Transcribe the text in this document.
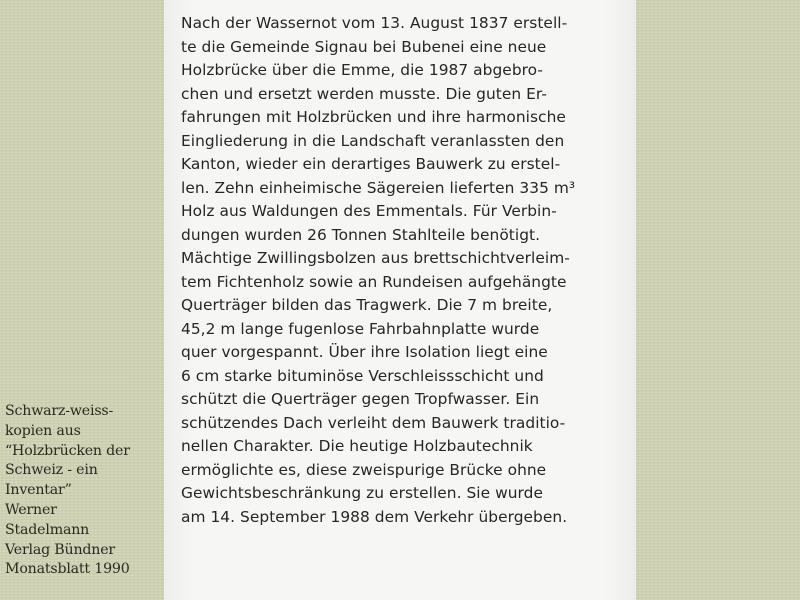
Nach der Wassernot vom 13. August 1837 erstell-
te die Gemeinde Signau bei Bubenei eine neue
Holzbrücke über die Emme, die 1987 abgebro-
chen und ersetzt werden musste. Die guten Er-
fahrungen mit Holzbrücken und ihre harmonische
Eingliederung in die Landschaft veranlassten den
Kanton, wieder ein derartiges Bauwerk zu erstel-
len. Zehn einheimische Sägereien lieferten 335 m³
Holz aus Waldungen des Emmentals. Für Verbin-
dungen wurden 26 Tonnen Stahlteile benötigt.
Mächtige Zwillingsbolzen aus brettschichtverleim-
tem Fichtenholz sowie an Rundeisen aufgehängte
Querträger bilden das Tragwerk. Die 7 m breite,
45,2 m lange fugenlose Fahrbahnplatte wurde
quer vorgespannt. Über ihre Isolation liegt eine
6 cm starke bituminöse Verschleissschicht und
schützt die Querträger gegen Tropfwasser. Ein
schützendes Dach verleiht dem Bauwerk traditio-
nellen Charakter. Die heutige Holzbautechnik
ermöglichte es, diese zweispurige Brücke ohne
Gewichtsbeschränkung zu erstellen. Sie wurde
am 14. September 1988 dem Verkehr übergeben.
Schwarz-weiss-
kopien aus
“Holzbrücken der
Schweiz - ein
Inventar”
Werner
Stadelmann
Verlag Bündner
Monatsblatt 1990
